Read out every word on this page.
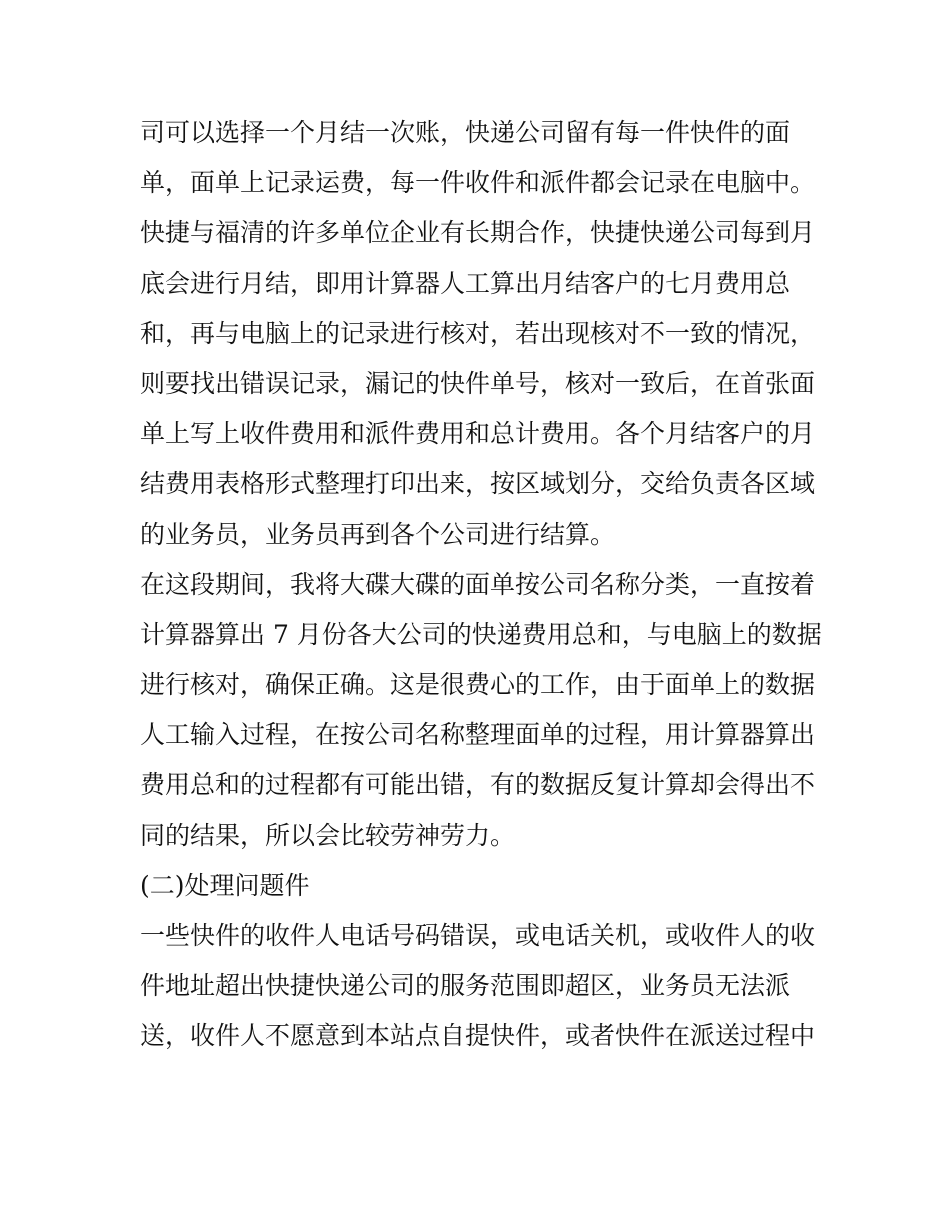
司可以选择一个月结一次账，快递公司留有每一件快件的面
单，面单上记录运费，每一件收件和派件都会记录在电脑中。
快捷与福清的许多单位企业有长期合作，快捷快递公司每到月
底会进行月结，即用计算器人工算出月结客户的七月费用总
和，再与电脑上的记录进行核对，若出现核对不一致的情况，
则要找出错误记录，漏记的快件单号，核对一致后，在首张面
单上写上收件费用和派件费用和总计费用。各个月结客户的月
结费用表格形式整理打印出来，按区域划分，交给负责各区域
的业务员，业务员再到各个公司进行结算。
在这段期间，我将大碟大碟的面单按公司名称分类，一直按着
计算器算出 7 月份各大公司的快递费用总和，与电脑上的数据
进行核对，确保正确。这是很费心的工作，由于面单上的数据
人工输入过程，在按公司名称整理面单的过程，用计算器算出
费用总和的过程都有可能出错，有的数据反复计算却会得出不
同的结果，所以会比较劳神劳力。
(二)处理问题件
一些快件的收件人电话号码错误，或电话关机，或收件人的收
件地址超出快捷快递公司的服务范围即超区，业务员无法派
送，收件人不愿意到本站点自提快件，或者快件在派送过程中
